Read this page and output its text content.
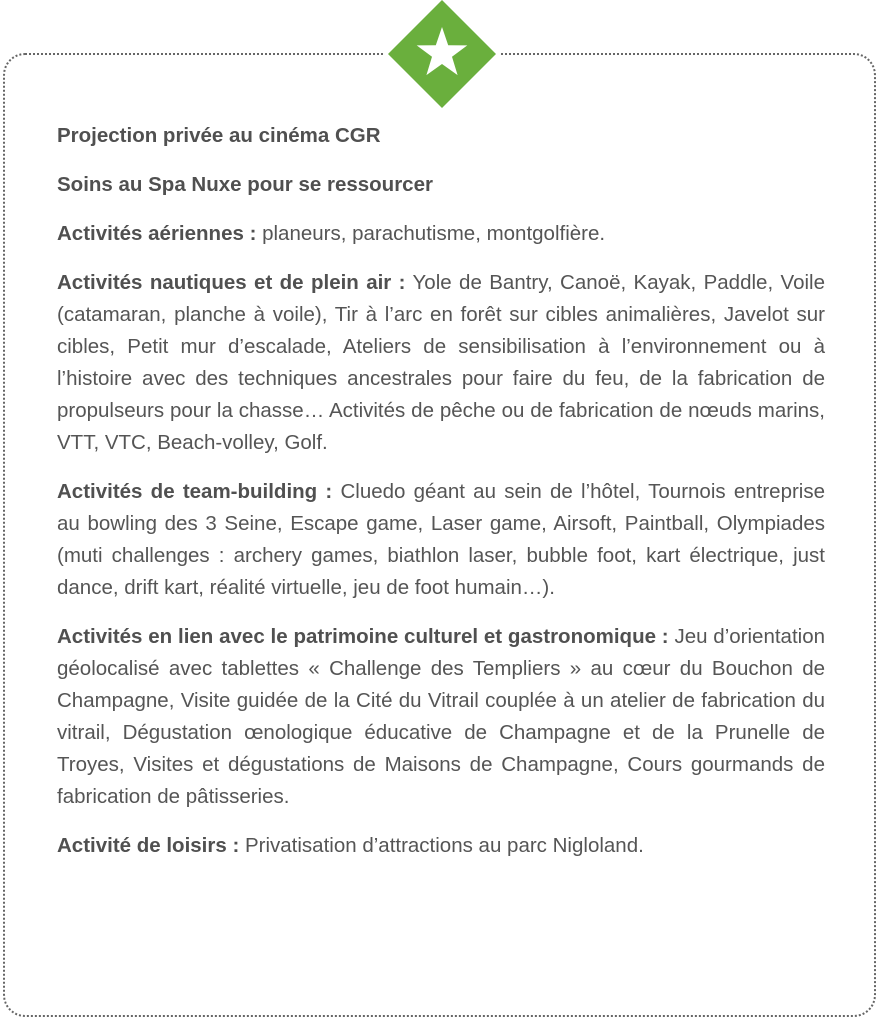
Projection privée au cinéma CGR

Soins au Spa Nuxe pour se ressourcer

Activités aériennes : planeurs, parachutisme, montgolfière.

Activités nautiques et de plein air : Yole de Bantry, Canoë, Kayak, Paddle, Voile (catamaran, planche à voile), Tir à l’arc en forêt sur cibles animalières, Javelot sur cibles, Petit mur d’escalade, Ateliers de sensibilisation à l’environnement ou à l’histoire avec des techniques ancestrales pour faire du feu, de la fabrication de propulseurs pour la chasse… Activités de pêche ou de fabrication de nœuds marins, VTT, VTC, Beach-volley, Golf.

Activités de team-building : Cluedo géant au sein de l’hôtel, Tournois entreprise au bowling des 3 Seine, Escape game, Laser game, Airsoft, Paintball, Olympiades (muti challenges : archery games, biathlon laser, bubble foot, kart électrique, just dance, drift kart, réalité virtuelle, jeu de foot humain…).

Activités en lien avec le patrimoine culturel et gastronomique : Jeu d’orientation géolocalisé avec tablettes « Challenge des Templiers » au cœur du Bouchon de Champagne, Visite guidée de la Cité du Vitrail couplée à un atelier de fabrication du vitrail, Dégustation œnologique éducative de Champagne et de la Prunelle de Troyes, Visites et dégustations de Maisons de Champagne, Cours gourmands de fabrication de pâtisseries.

Activité de loisirs : Privatisation d’attractions au parc Nigloland.
